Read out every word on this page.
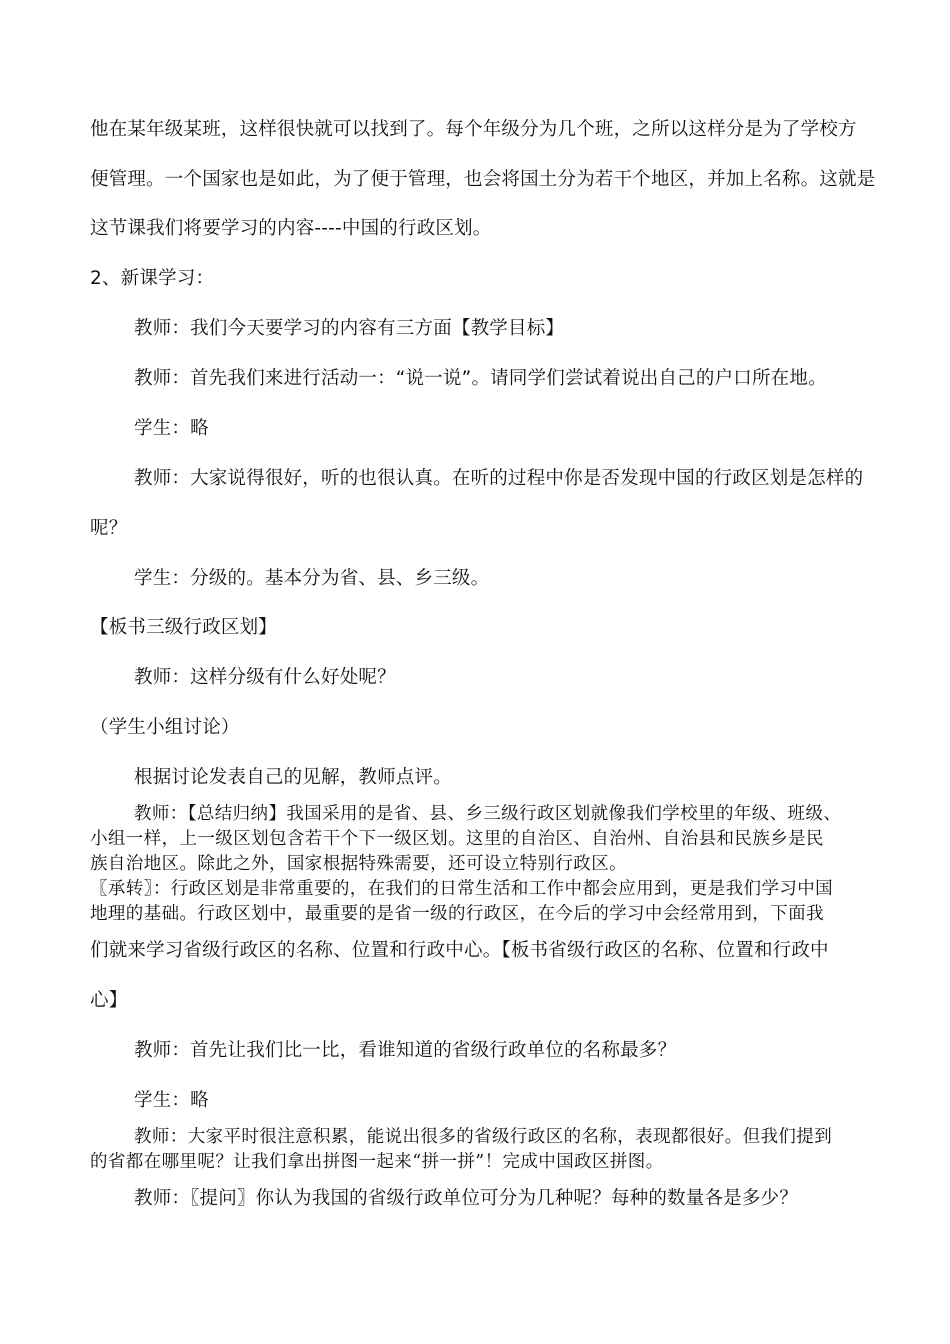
他在某年级某班，这样很快就可以找到了。每个年级分为几个班，之所以这样分是为了学校方
便管理。一个国家也是如此，为了便于管理，也会将国土分为若干个地区，并加上名称。这就是
这节课我们将要学习的内容----中国的行政区划。
2、新课学习：
教师：我们今天要学习的内容有三方面【教学目标】
教师：首先我们来进行活动一：“说一说”。请同学们尝试着说出自己的户口所在地。
学生：略
教师：大家说得很好，听的也很认真。在听的过程中你是否发现中国的行政区划是怎样的
呢？
学生：分级的。基本分为省、县、乡三级。
【板书三级行政区划】
教师：这样分级有什么好处呢？
（学生小组讨论）
根据讨论发表自己的见解，教师点评。
教师：【总结归纳】我国采用的是省、县、乡三级行政区划就像我们学校里的年级、班级、
小组一样，上一级区划包含若干个下一级区划。这里的自治区、自治州、自治县和民族乡是民
族自治地区。除此之外，国家根据特殊需要，还可设立特别行政区。
〖承转〗：行政区划是非常重要的，在我们的日常生活和工作中都会应用到，更是我们学习中国
地理的基础。行政区划中，最重要的是省一级的行政区，在今后的学习中会经常用到，下面我
们就来学习省级行政区的名称、位置和行政中心。【板书省级行政区的名称、位置和行政中
心】
教师：首先让我们比一比，看谁知道的省级行政单位的名称最多？
学生：略
教师：大家平时很注意积累，能说出很多的省级行政区的名称，表现都很好。但我们提到
的省都在哪里呢？让我们拿出拼图一起来“拼一拼”！完成中国政区拼图。
教师：〖提问〗你认为我国的省级行政单位可分为几种呢？每种的数量各是多少？
